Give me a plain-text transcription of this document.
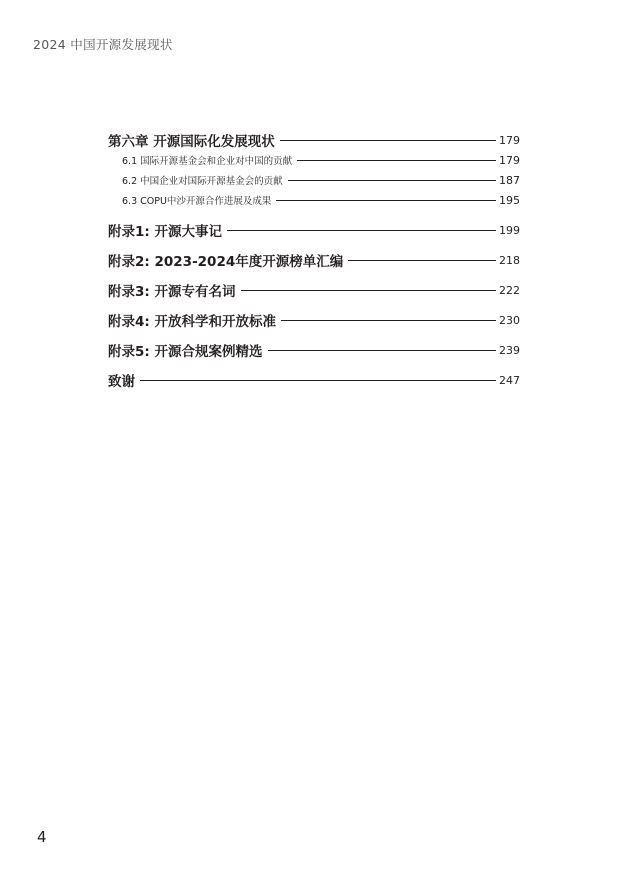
2024 中国开源发展现状
第六章 开源国际化发展现状	179
6.1 国际开源基金会和企业对中国的贡献	179
6.2 中国企业对国际开源基金会的贡献	187
6.3 COPU中沙开源合作进展及成果	195
附录1: 开源大事记	199
附录2: 2023-2024年度开源榜单汇编	218
附录3: 开源专有名词	222
附录4: 开放科学和开放标准	230
附录5: 开源合规案例精选	239
致谢	247
4
